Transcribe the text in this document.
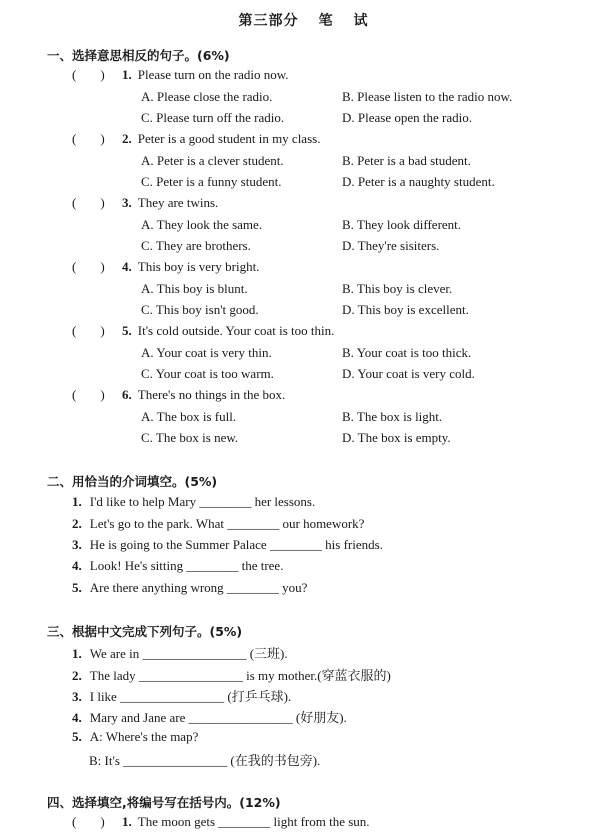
第三部分 笔 试
一、选择意思相反的句子。(6%)
( ) 1. Please turn on the radio now.
A. Please close the radio.	B. Please listen to the radio now.
C. Please turn off the radio.	D. Please open the radio.
( ) 2. Peter is a good student in my class.
A. Peter is a clever student.	B. Peter is a bad student.
C. Peter is a funny student.	D. Peter is a naughty student.
( ) 3. They are twins.
A. They look the same.	B. They look different.
C. They are brothers.	D. They're sisiters.
( ) 4. This boy is very bright.
A. This boy is blunt.	B. This boy is clever.
C. This boy isn't good.	D. This boy is excellent.
( ) 5. It's cold outside. Your coat is too thin.
A. Your coat is very thin.	B. Your coat is too thick.
C. Your coat is too warm.	D. Your coat is very cold.
( ) 6. There's no things in the box.
A. The box is full.	B. The box is light.
C. The box is new.	D. The box is empty.
二、用恰当的介词填空。(5%)
1. I'd like to help Mary ________ her lessons.
2. Let's go to the park. What ________ our homework?
3. He is going to the Summer Palace ________ his friends.
4. Look! He's sitting ________ the tree.
5. Are there anything wrong ________ you?
三、根据中文完成下列句子。(5%)
1. We are in ________________ (三班).
2. The lady ________________ is my mother.(穿蓝衣服的)
3. I like ________________ (打乒乓球).
4. Mary and Jane are ________________ (好朋友).
5. A: Where's the map?
B: It's ________________ (在我的书包旁).
四、选择填空,将编号写在括号内。(12%)
( ) 1. The moon gets ________ light from the sun.
